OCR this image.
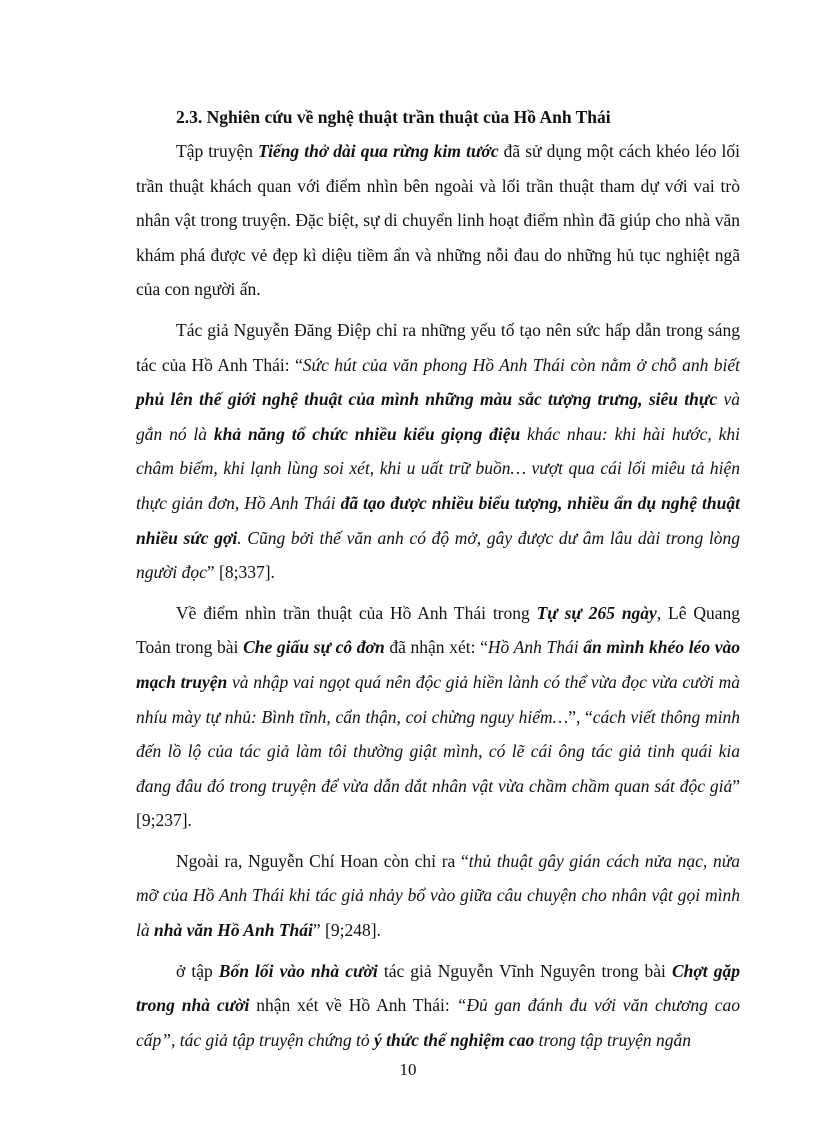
2.3. Nghiên cứu về nghệ thuật trần thuật của Hồ Anh Thái

Tập truyện Tiếng thở dài qua rừng kim tước đã sử dụng một cách khéo léo lối trần thuật khách quan với điểm nhìn bên ngoài và lối trần thuật tham dự với vai trò nhân vật trong truyện. Đặc biệt, sự di chuyển linh hoạt điểm nhìn đã giúp cho nhà văn khám phá được vẻ đẹp kì diệu tiềm ẩn và những nỗi đau do những hủ tục nghiệt ngã của con người ấn.

Tác giả Nguyễn Đăng Điệp chỉ ra những yếu tố tạo nên sức hấp dẫn trong sáng tác của Hồ Anh Thái: “Sức hút của văn phong Hồ Anh Thái còn nằm ở chỗ anh biết phủ lên thế giới nghệ thuật của mình những màu sắc tượng trưng, siêu thực và gắn nó là khả năng tổ chức nhiều kiểu giọng điệu khác nhau: khi hài hước, khi châm biếm, khi lạnh lùng soi xét, khi u uất trữ buồn… vượt qua cái lối miêu tả hiện thực giản đơn, Hồ Anh Thái đã tạo được nhiều biểu tượng, nhiều ẩn dụ nghệ thuật nhiều sức gợi. Cũng bởi thế văn anh có độ mở, gây được dư âm lâu dài trong lòng người đọc” [8;337].

Về điểm nhìn trần thuật của Hồ Anh Thái trong Tự sự 265 ngày, Lê Quang Toản trong bài Che giấu sự cô đơn đã nhận xét: “Hồ Anh Thái ẩn mình khéo léo vào mạch truyện và nhập vai ngọt quá nên độc giả hiền lành có thể vừa đọc vừa cười mà nhíu mày tự nhủ: Bình tĩnh, cẩn thận, coi chừng nguy hiểm…”, “cách viết thông minh đến lồ lộ của tác giả làm tôi thường giật mình, có lẽ cái ông tác giả tinh quái kia đang đâu đó trong truyện để vừa dẫn dắt nhân vật vừa chầm chầm quan sát độc giả” [9;237].

Ngoài ra, Nguyễn Chí Hoan còn chỉ ra “thủ thuật gây gián cách nửa nạc, nửa mỡ của Hồ Anh Thái khi tác giả nhảy bổ vào giữa câu chuyện cho nhân vật gọi mình là nhà văn Hồ Anh Thái” [9;248].

ở tập Bốn lối vào nhà cười tác giả Nguyễn Vĩnh Nguyên trong bài Chợt gặp trong nhà cười nhận xét về Hồ Anh Thái: “Đủ gan đánh đu với văn chương cao cấp”, tác giả tập truyện chứng tỏ ý thức thể nghiệm cao trong tập truyện ngắn

10
